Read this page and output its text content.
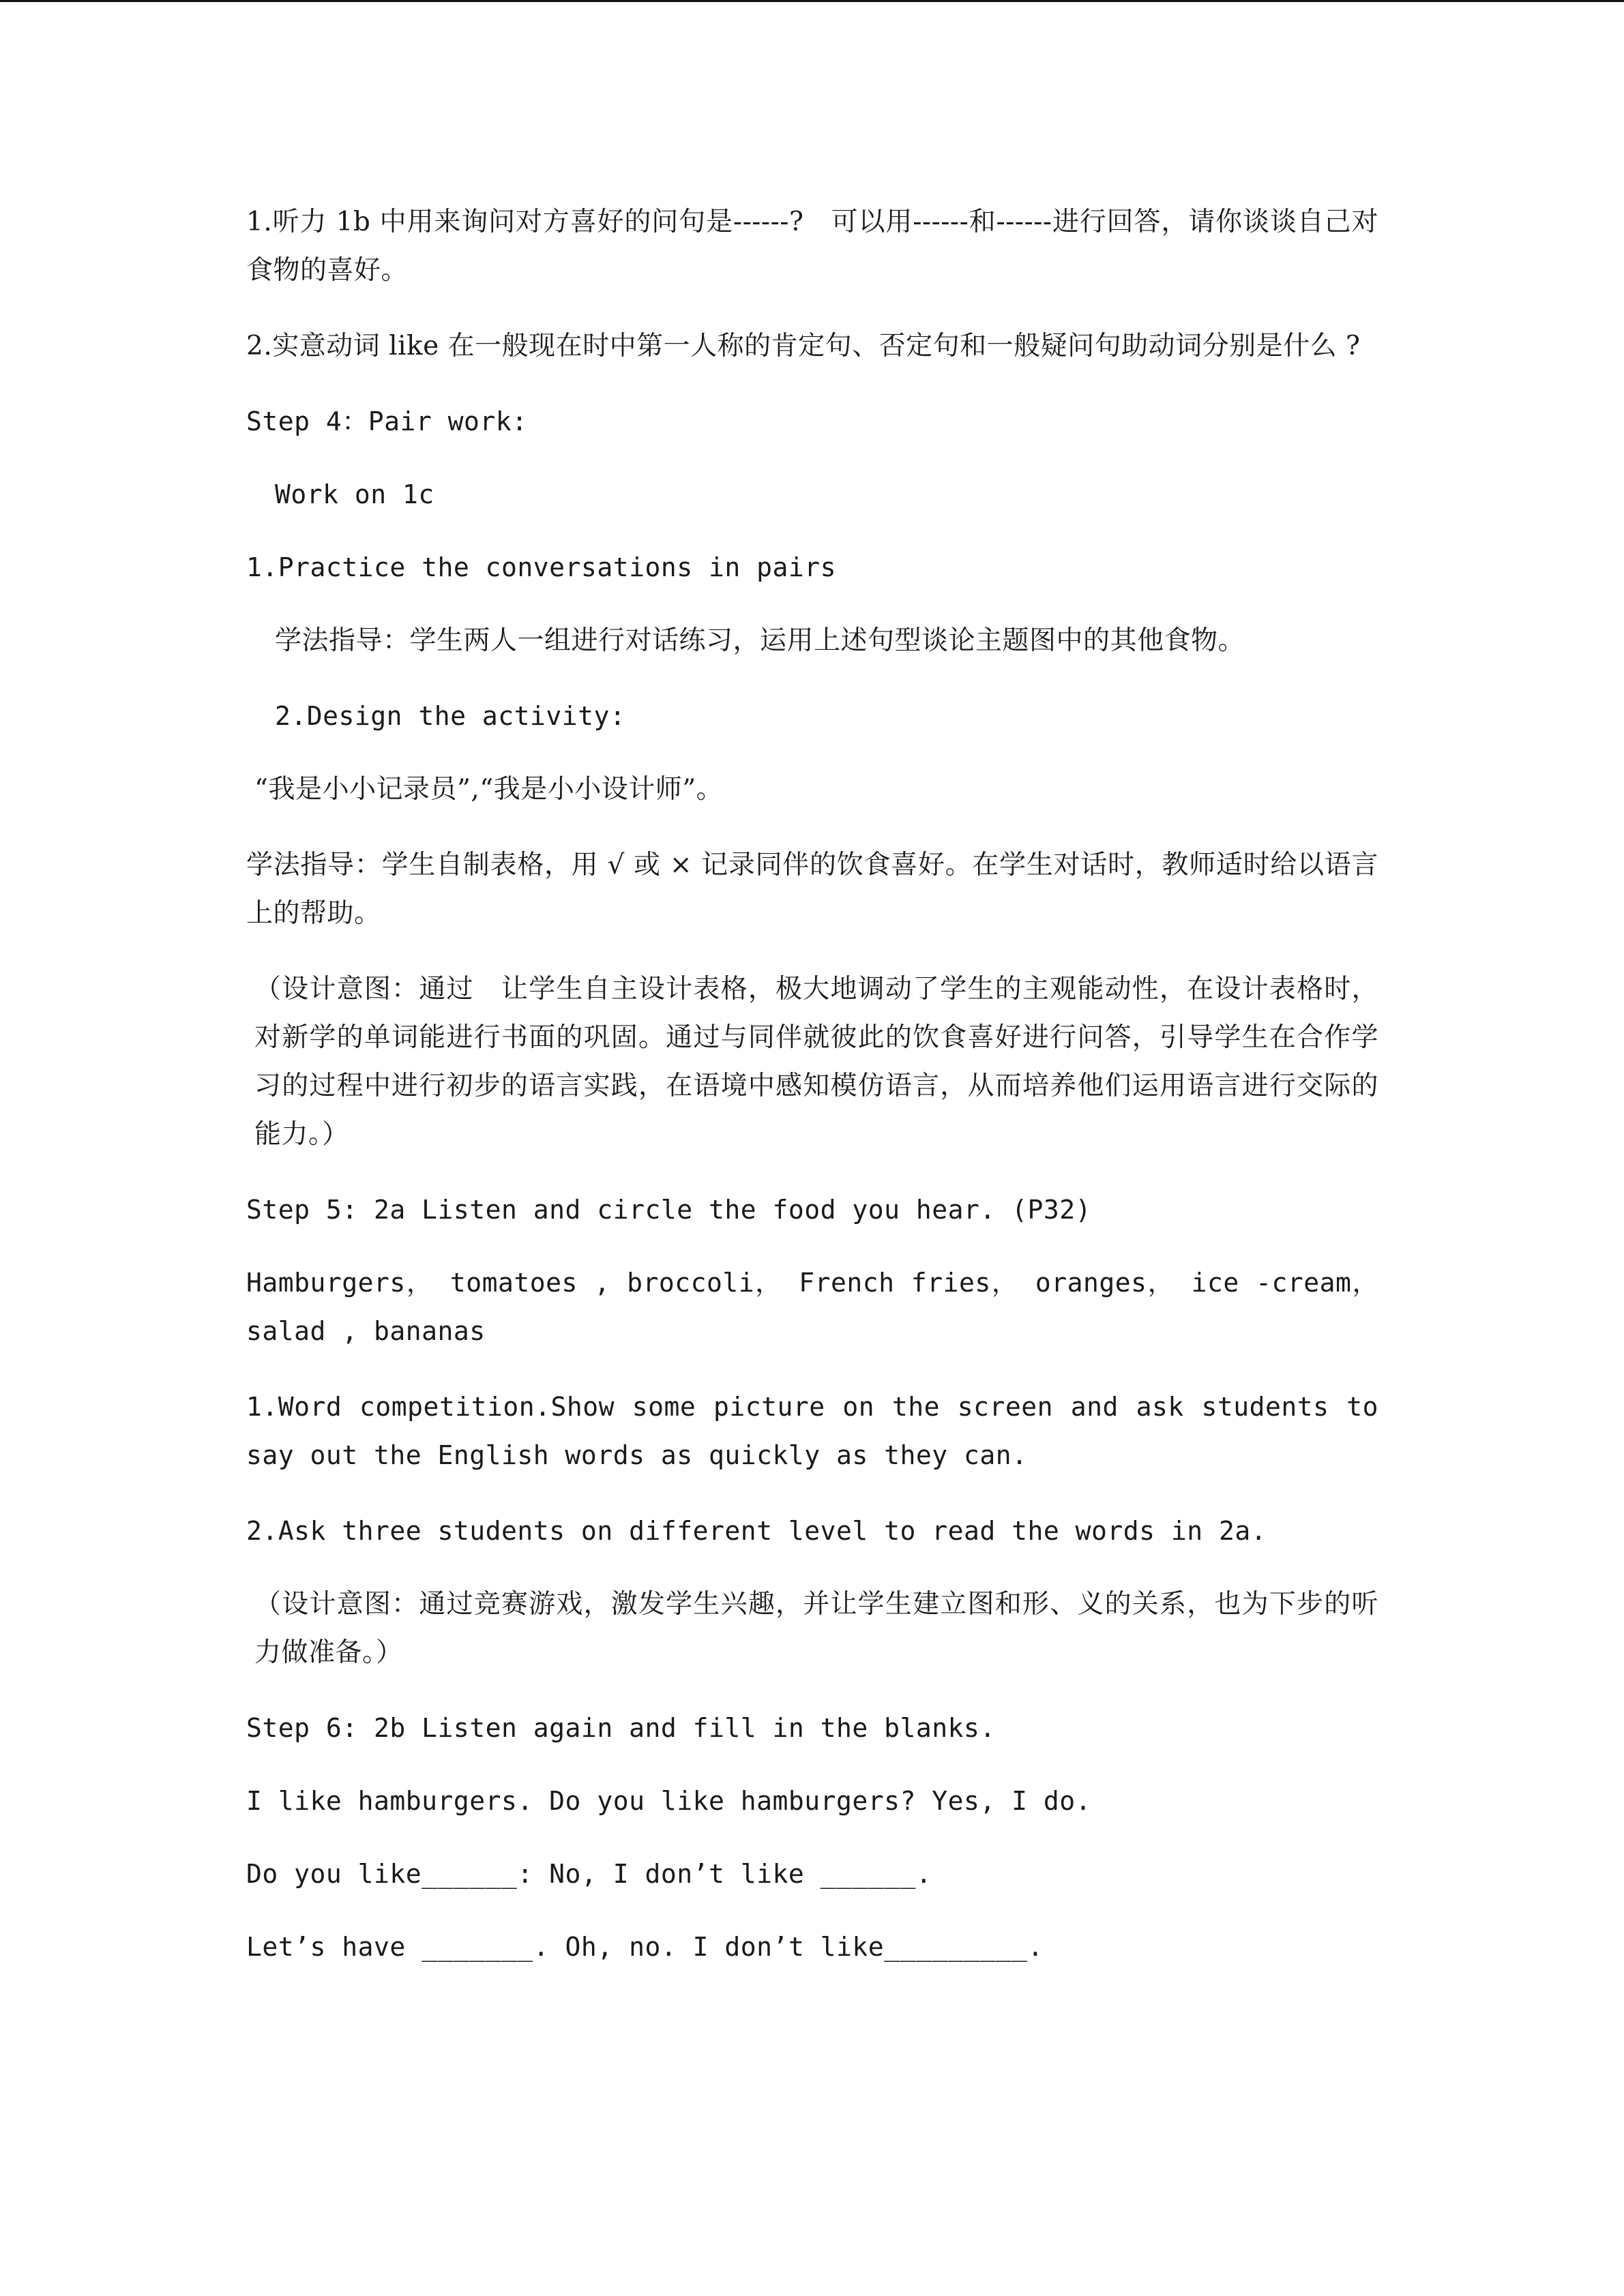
1.听力 1b 中用来询问对方喜好的问句是------?　可以用------和------进行回答，请你谈谈自己对食物的喜好。

2.实意动词 like 在一般现在时中第一人称的肯定句、否定句和一般疑问句助动词分别是什么 ?

Step 4：Pair work:

Work on 1c

1.Practice the conversations in pairs

学法指导：学生两人一组进行对话练习，运用上述句型谈论主题图中的其他食物。

2.Design the activity:

“我是小小记录员”,“我是小小设计师”。

学法指导：学生自制表格，用 √ 或 × 记录同伴的饮食喜好。在学生对话时，教师适时给以语言上的帮助。

（设计意图：通过　让学生自主设计表格，极大地调动了学生的主观能动性，在设计表格时，对新学的单词能进行书面的巩固。通过与同伴就彼此的饮食喜好进行问答，引导学生在合作学习的过程中进行初步的语言实践，在语境中感知模仿语言，从而培养他们运用语言进行交际的能力。）

Step 5: 2a Listen and circle the food you hear. (P32)

Hamburgers， tomatoes , broccoli， French fries， oranges， ice -cream， salad , bananas

1.Word competition.Show some picture on the screen and ask students to say out the English words as quickly as they can.

2.Ask three students on different level to read the words in 2a.

（设计意图：通过竞赛游戏，激发学生兴趣，并让学生建立图和形、义的关系，也为下步的听力做准备。）

Step 6: 2b Listen again and fill in the blanks.

I like hamburgers. Do you like hamburgers? Yes, I do.

Do you like______: No, I don’t like ______.

Let’s have _______. Oh, no. I don’t like_________.
